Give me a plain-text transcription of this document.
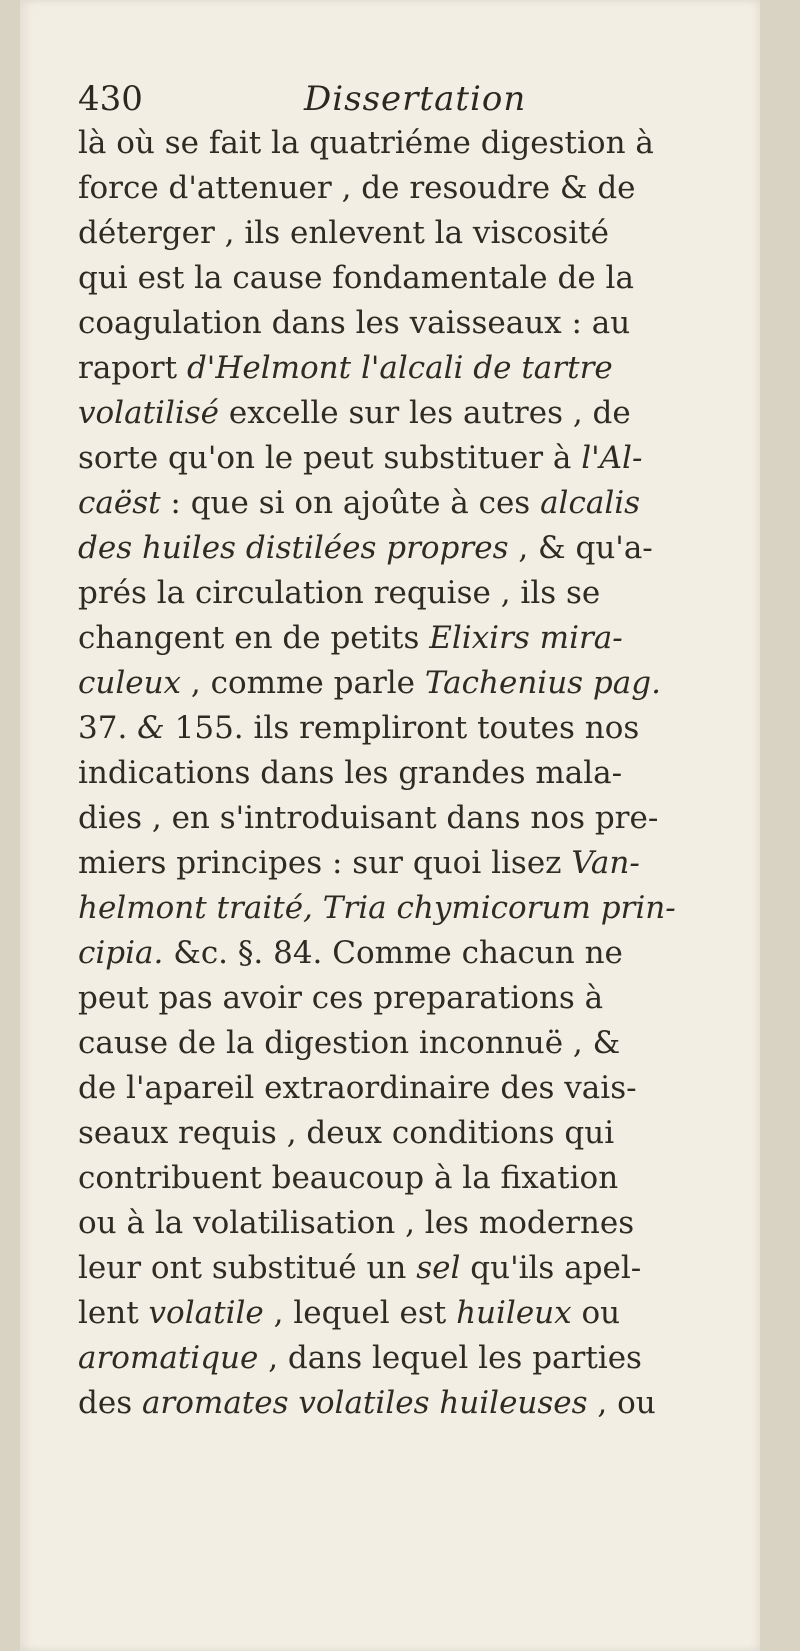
430	Dissertation
là où se fait la quatriéme digestion à
force d'attenuer , de resoudre & de
déterger , ils enlevent la viscosité
qui est la cause fondamentale de la
coagulation dans les vaisseaux : au
raport d'Helmont l'alcali de tartre
volatilisé excelle sur les autres , de
sorte qu'on le peut substituer à l'Al-
caëst : que si on ajoûte à ces alcalis
des huiles distilées propres , & qu'a-
prés la circulation requise , ils se
changent en de petits Elixirs mira-
culeux , comme parle Tachenius pag.
37. & 155. ils rempliront toutes nos
indications dans les grandes mala-
dies , en s'introduisant dans nos pre-
miers principes : sur quoi lisez Van-
helmont traité, Tria chymicorum prin-
cipia. &c. §. 84. Comme chacun ne
peut pas avoir ces preparations à
cause de la digestion inconnuë , &
de l'apareil extraordinaire des vais-
seaux requis , deux conditions qui
contribuent beaucoup à la fixation
ou à la volatilisation , les modernes
leur ont substitué un sel qu'ils apel-
lent volatile , lequel est huileux ou
aromatique , dans lequel les parties
des aromates volatiles huileuses , ou
